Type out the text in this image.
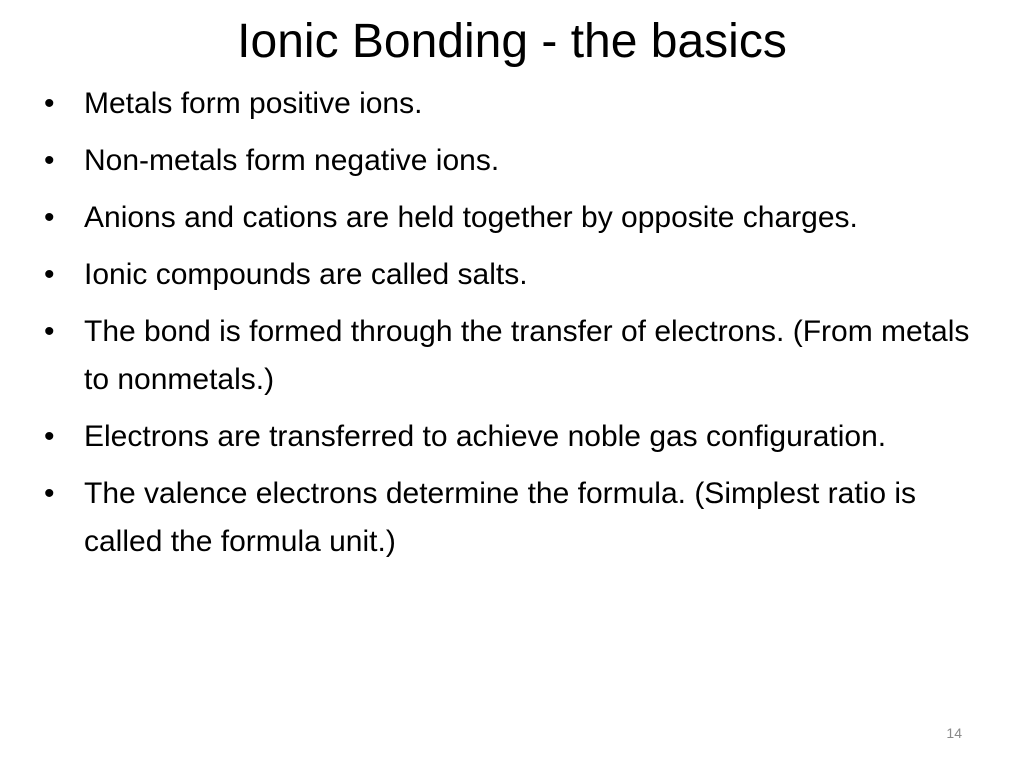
Ionic Bonding - the basics
• Metals form positive ions.
• Non-metals form negative ions.
• Anions and cations are held together by opposite charges.
• Ionic compounds are called salts.
• The bond is formed through the transfer of electrons. (From metals to nonmetals.)
• Electrons are transferred to achieve noble gas configuration.
• The valence electrons determine the formula. (Simplest ratio is called the formula unit.)
14
